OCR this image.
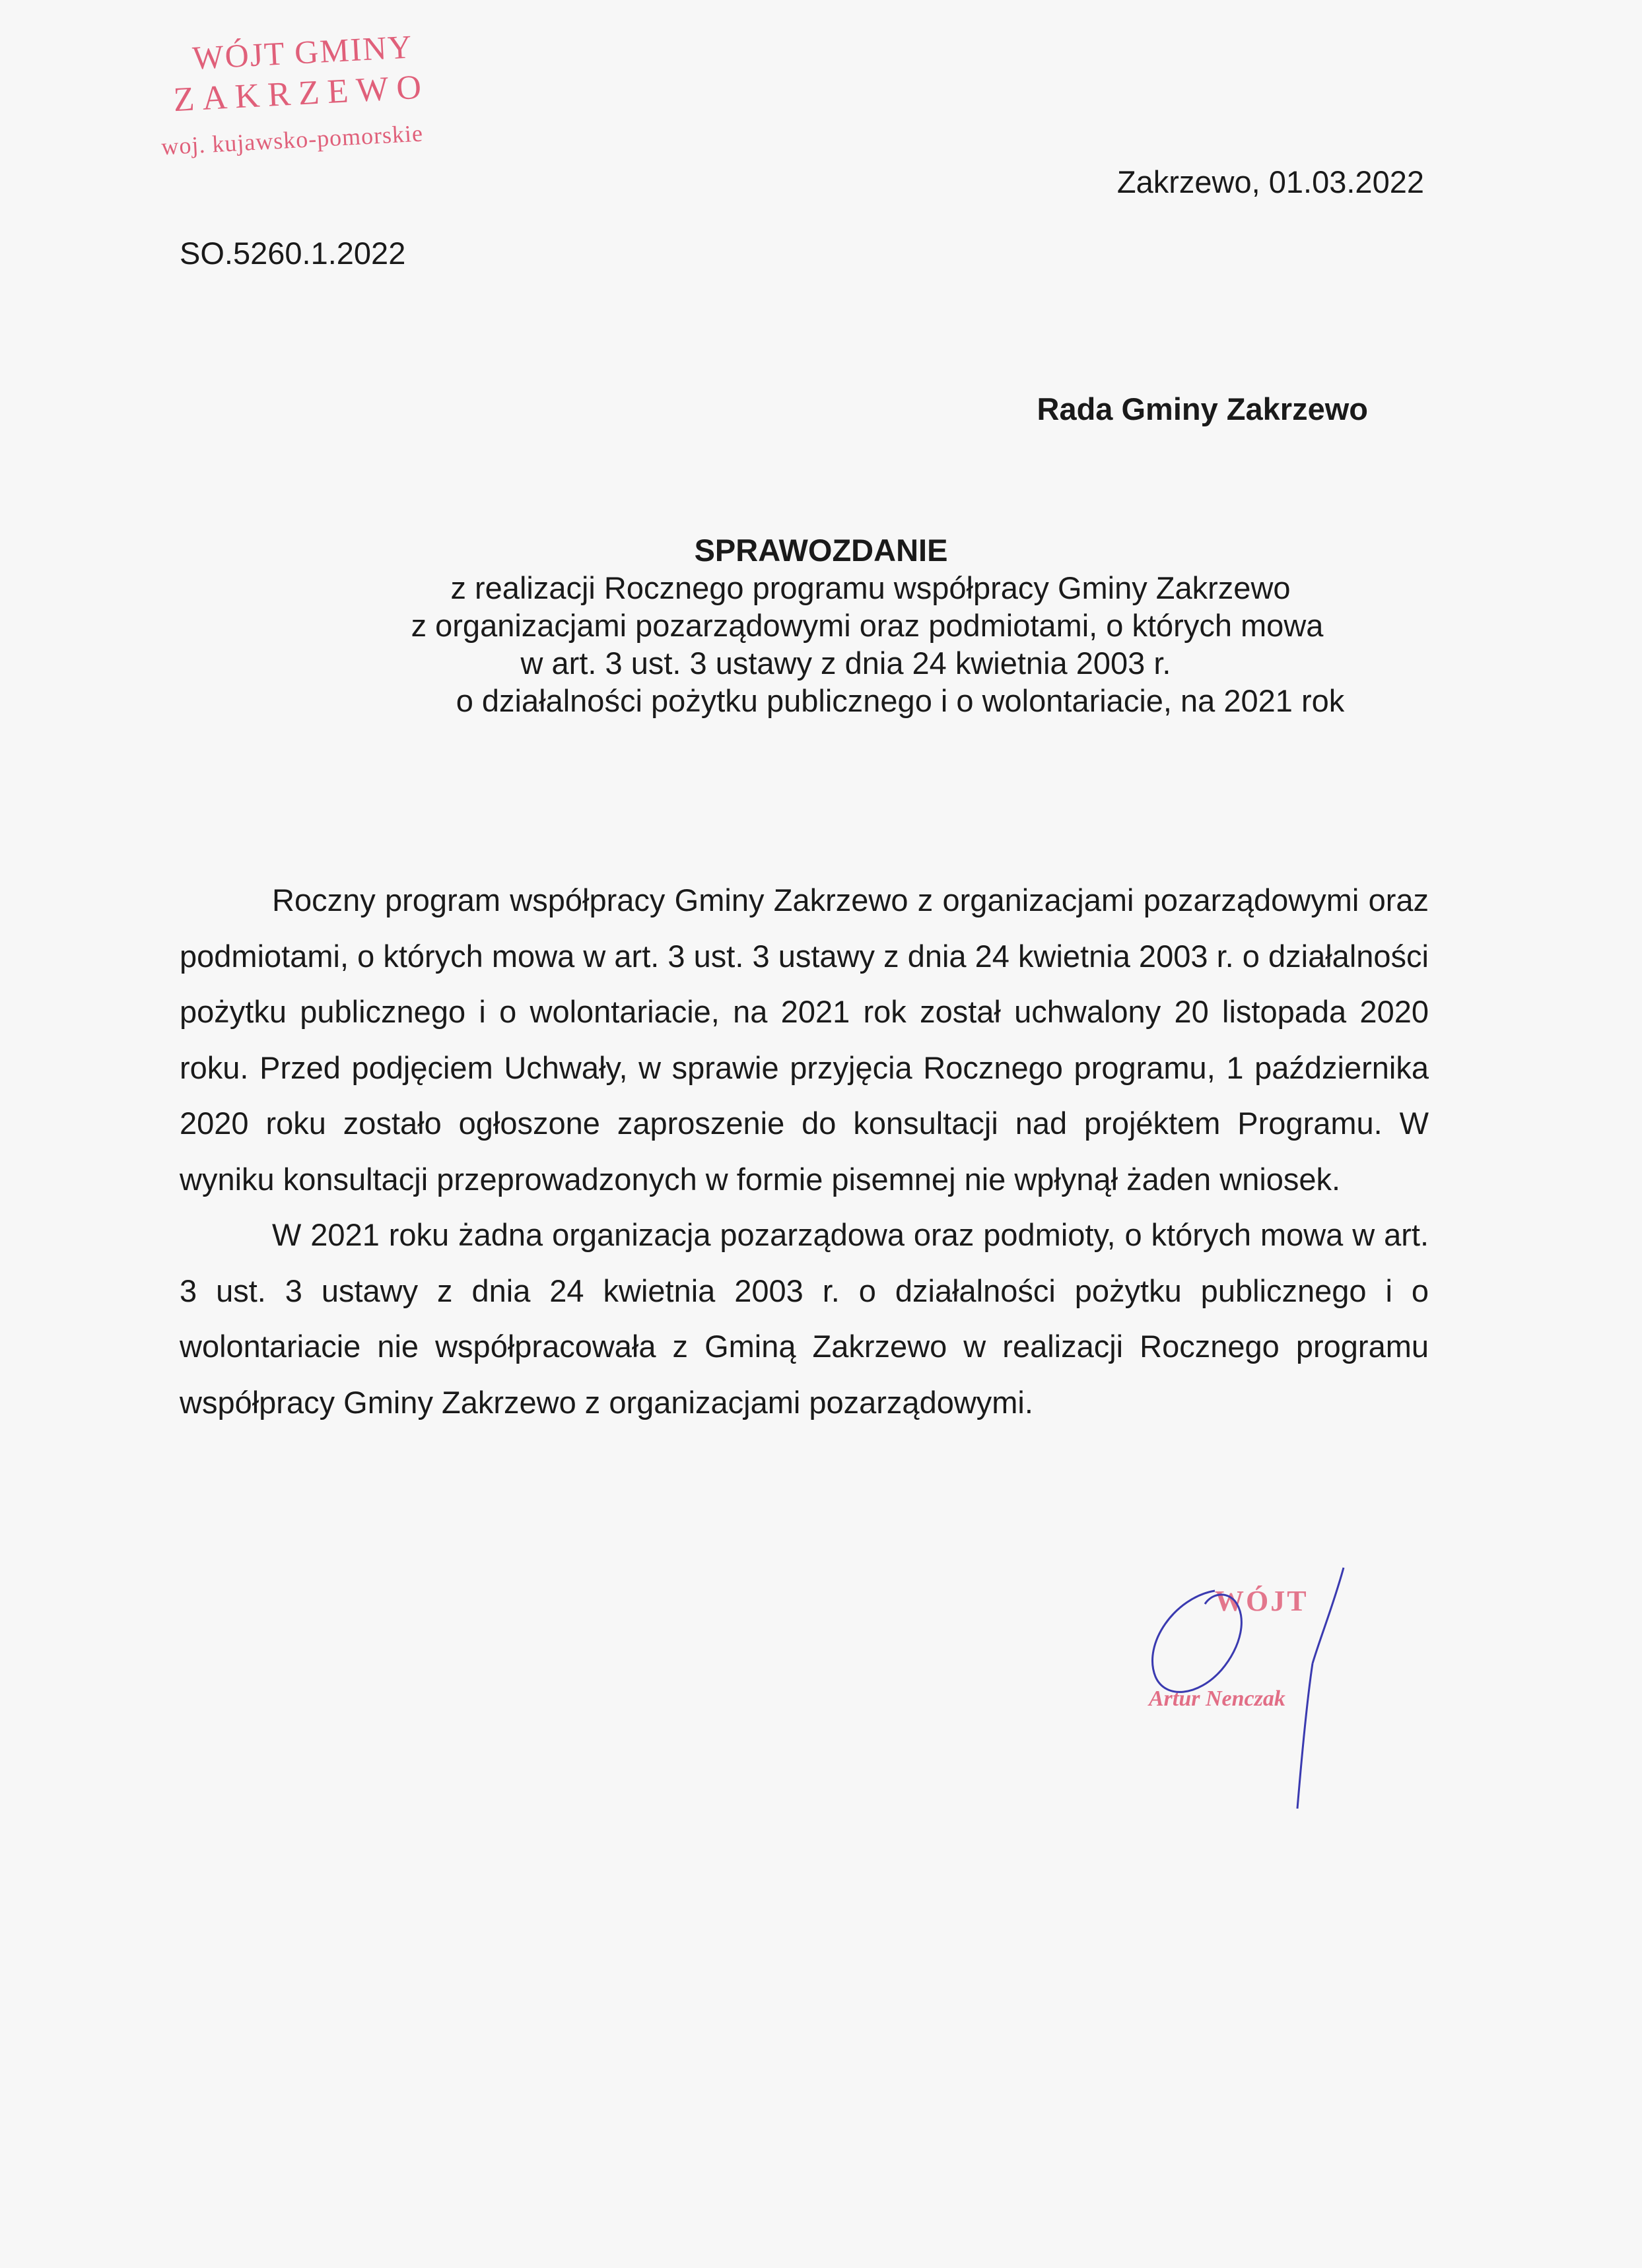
WÓJT GMINY
ZAKRZEWO
woj. kujawsko-pomorskie
Zakrzewo, 01.03.2022
SO.5260.1.2022
Rada Gminy Zakrzewo
SPRAWOZDANIE
z realizacji Rocznego programu współpracy Gminy Zakrzewo
z organizacjami pozarządowymi oraz podmiotami, o których mowa
w art. 3 ust. 3 ustawy z dnia 24 kwietnia 2003 r.
o działalności pożytku publicznego i o wolontariacie, na 2021 rok

Roczny program współpracy Gminy Zakrzewo z organizacjami pozarządowymi oraz podmiotami, o których mowa w art. 3 ust. 3 ustawy z dnia 24 kwietnia 2003 r. o działalności pożytku publicznego i o wolontariacie, na 2021 rok został uchwalony 20 listopada 2020 roku. Przed podjęciem Uchwały, w sprawie przyjęcia Rocznego programu, 1 października 2020 roku zostało ogłoszone zaproszenie do konsultacji nad projéktem Programu. W wyniku konsultacji przeprowadzonych w formie pisemnej nie wpłynął żaden wniosek.

W 2021 roku żadna organizacja pozarządowa oraz podmioty, o których mowa w art. 3 ust. 3 ustawy z dnia 24 kwietnia 2003 r. o działalności pożytku publicznego i o wolontariacie nie współpracowała z Gminą Zakrzewo w realizacji Rocznego programu współpracy Gminy Zakrzewo z organizacjami pozarządowymi.

WÓJT
Artur Nenczak
